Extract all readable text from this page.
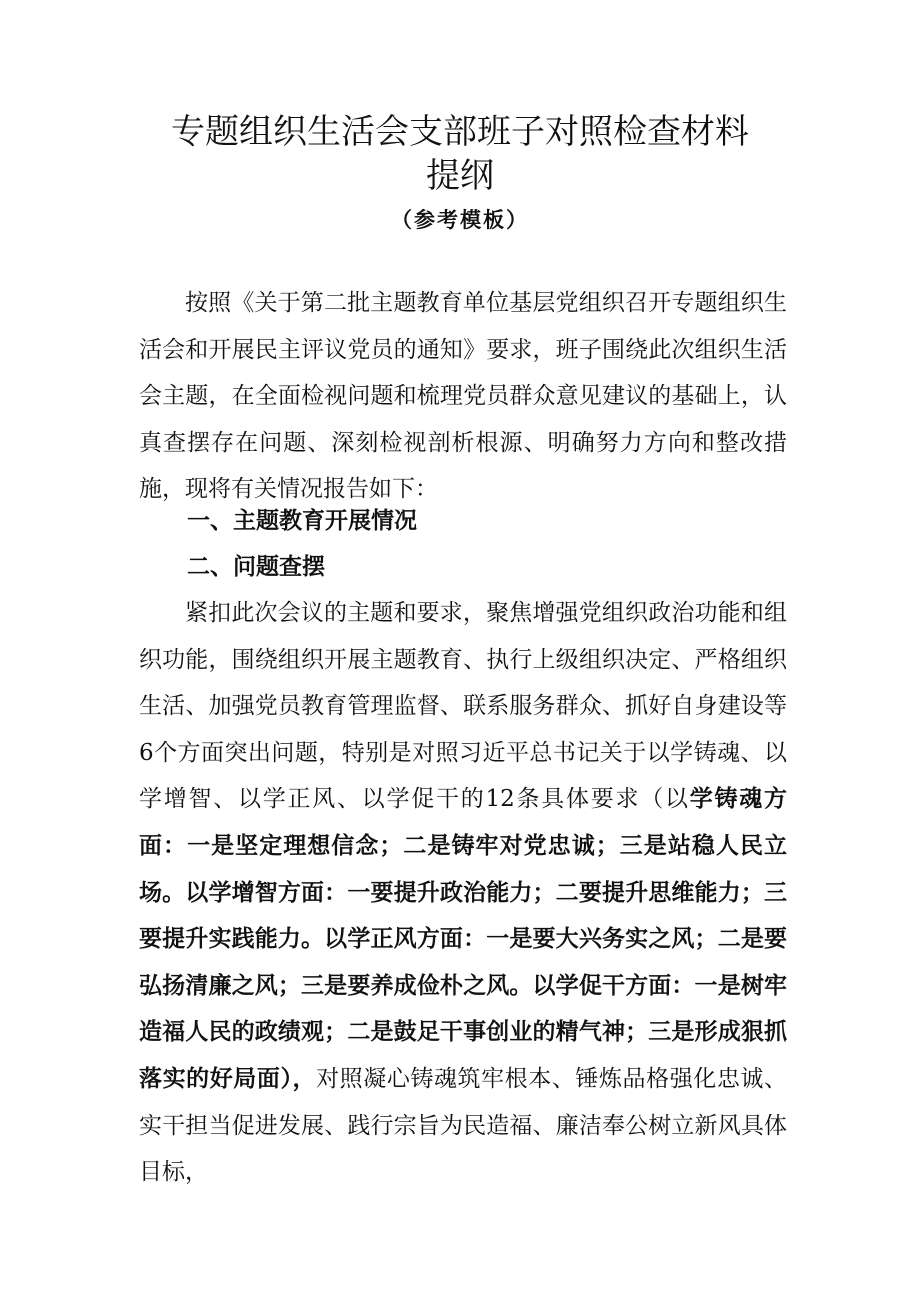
专题组织生活会支部班子对照检查材料
提纲
（参考模板）

按照《关于第二批主题教育单位基层党组织召开专题组织生活会和开展民主评议党员的通知》要求，班子围绕此次组织生活会主题，在全面检视问题和梳理党员群众意见建议的基础上，认真查摆存在问题、深刻检视剖析根源、明确努力方向和整改措施，现将有关情况报告如下：

一、主题教育开展情况

二、问题查摆

紧扣此次会议的主题和要求，聚焦增强党组织政治功能和组织功能，围绕组织开展主题教育、执行上级组织决定、严格组织生活、加强党员教育管理监督、联系服务群众、抓好自身建设等6个方面突出问题，特别是对照习近平总书记关于以学铸魂、以学增智、以学正风、以学促干的12条具体要求（以学铸魂方面：一是坚定理想信念；二是铸牢对党忠诚；三是站稳人民立场。以学增智方面：一要提升政治能力；二要提升思维能力；三要提升实践能力。以学正风方面：一是要大兴务实之风；二是要弘扬清廉之风；三是要养成俭朴之风。以学促干方面：一是树牢造福人民的政绩观；二是鼓足干事创业的精气神；三是形成狠抓落实的好局面），对照凝心铸魂筑牢根本、锤炼品格强化忠诚、实干担当促进发展、践行宗旨为民造福、廉洁奉公树立新风具体目标，
